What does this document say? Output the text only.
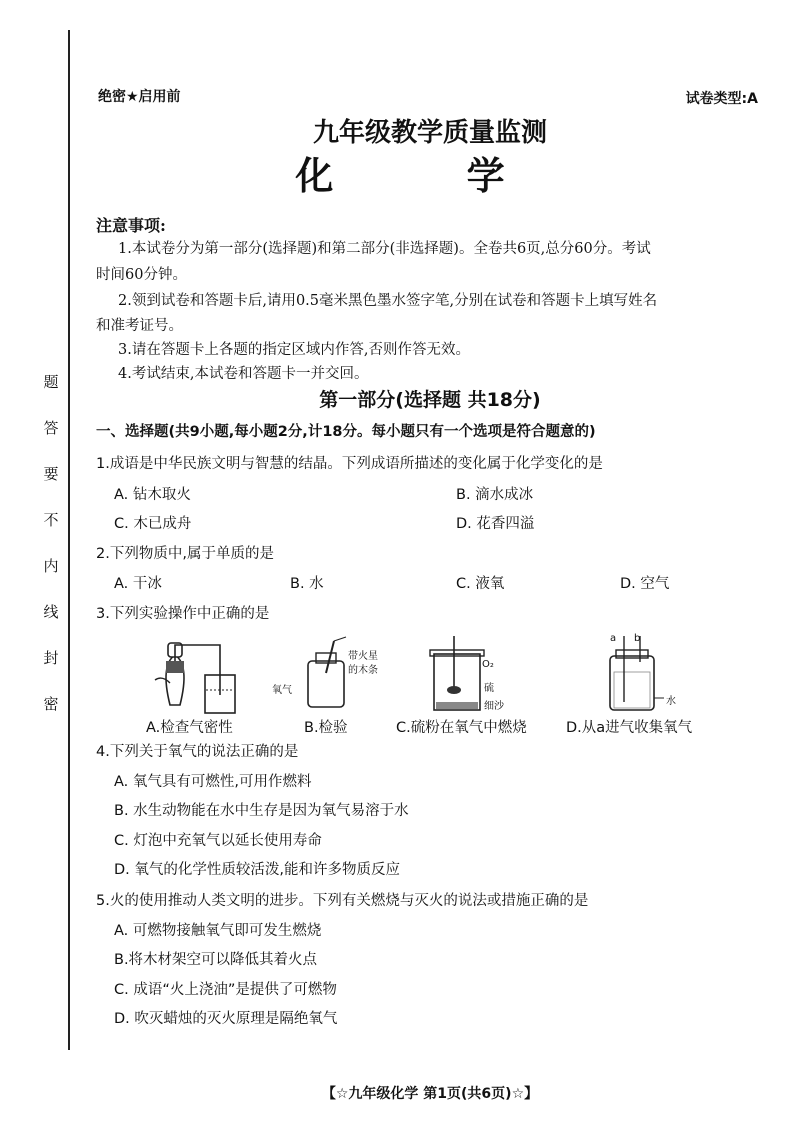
题
答
要
不
内
线
封
密
绝密★启用前	试卷类型:A
九年级教学质量监测
化 学
注意事项:
1.本试卷分为第一部分(选择题)和第二部分(非选择题)。全卷共6页,总分60分。考试
时间60分钟。
2.领到试卷和答题卡后,请用0.5毫米黑色墨水签字笔,分别在试卷和答题卡上填写姓名
和准考证号。
3.请在答题卡上各题的指定区域内作答,否则作答无效。
4.考试结束,本试卷和答题卡一并交回。
第一部分(选择题 共18分)
一、选择题(共9小题,每小题2分,计18分。每小题只有一个选项是符合题意的)
1.成语是中华民族文明与智慧的结晶。下列成语所描述的变化属于化学变化的是
A. 钻木取火	B. 滴水成冰
C. 木已成舟	D. 花香四溢
2.下列物质中,属于单质的是
A. 干冰	B. 水	C. 液氧	D. 空气
3.下列实验操作中正确的是
A.检查气密性
带火星
的木条
氧气
B.检验
O₂
硫
细沙
C.硫粉在氧气中燃烧
a b
水
D.从a进气收集氧气
4.下列关于氧气的说法正确的是
A. 氧气具有可燃性,可用作燃料
B. 水生动物能在水中生存是因为氧气易溶于水
C. 灯泡中充氧气以延长使用寿命
D. 氧气的化学性质较活泼,能和许多物质反应
5.火的使用推动人类文明的进步。下列有关燃烧与灭火的说法或措施正确的是
A. 可燃物接触氧气即可发生燃烧
B.将木材架空可以降低其着火点
C. 成语“火上浇油”是提供了可燃物
D. 吹灭蜡烛的灭火原理是隔绝氧气
【☆九年级化学 第1页(共6页)☆】
